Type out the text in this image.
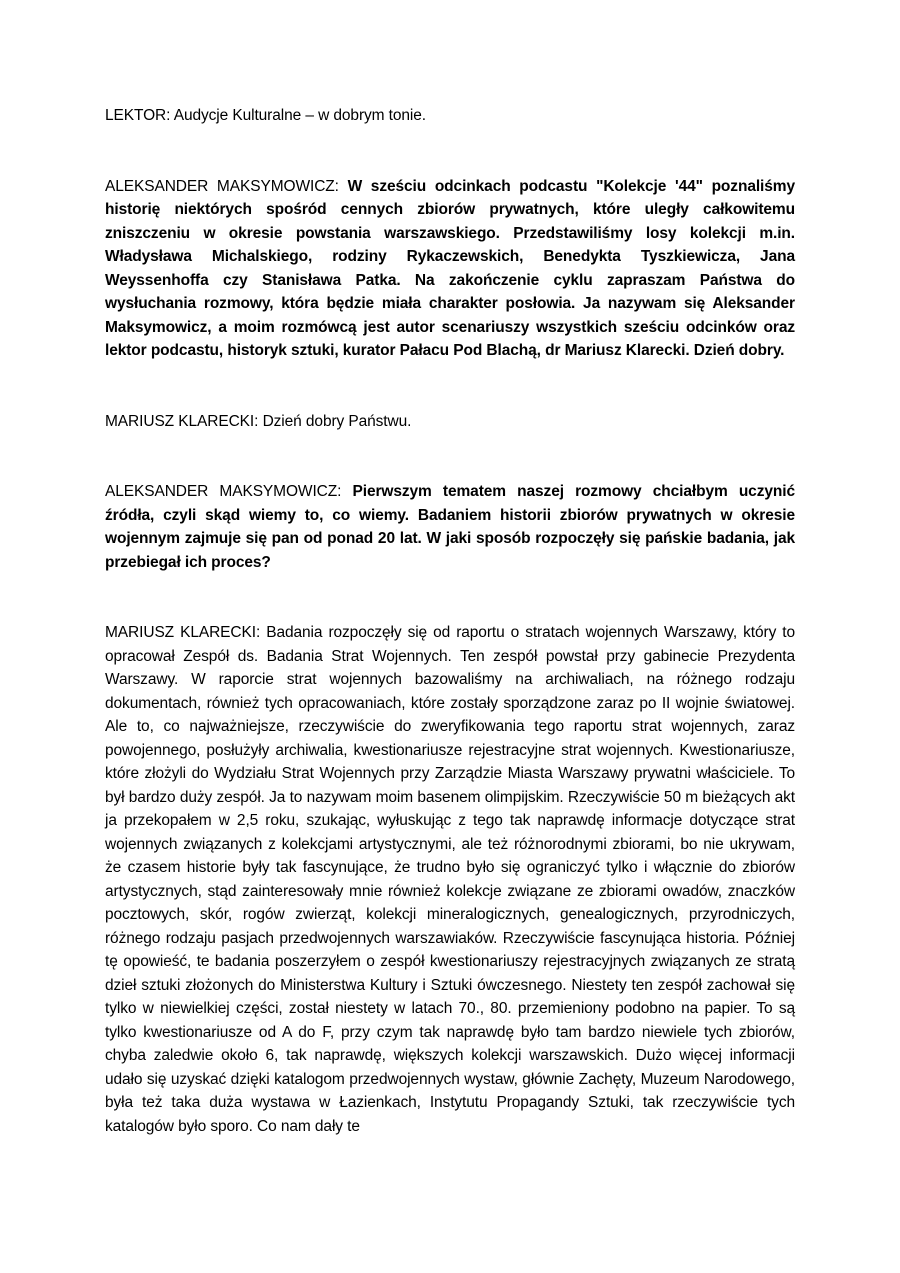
LEKTOR: Audycje Kulturalne – w dobrym tonie.

ALEKSANDER MAKSYMOWICZ: W sześciu odcinkach podcastu "Kolekcje '44" poznaliśmy historię niektórych spośród cennych zbiorów prywatnych, które uległy całkowitemu zniszczeniu w okresie powstania warszawskiego. Przedstawiliśmy losy kolekcji m.in. Władysława Michalskiego, rodziny Rykaczewskich, Benedykta Tyszkiewicza, Jana Weyssenhoffa czy Stanisława Patka. Na zakończenie cyklu zapraszam Państwa do wysłuchania rozmowy, która będzie miała charakter posłowia. Ja nazywam się Aleksander Maksymowicz, a moim rozmówcą jest autor scenariuszy wszystkich sześciu odcinków oraz lektor podcastu, historyk sztuki, kurator Pałacu Pod Blachą, dr Mariusz Klarecki. Dzień dobry.

MARIUSZ KLARECKI: Dzień dobry Państwu.

ALEKSANDER MAKSYMOWICZ: Pierwszym tematem naszej rozmowy chciałbym uczynić źródła, czyli skąd wiemy to, co wiemy. Badaniem historii zbiorów prywatnych w okresie wojennym zajmuje się pan od ponad 20 lat. W jaki sposób rozpoczęły się pańskie badania, jak przebiegał ich proces?

MARIUSZ KLARECKI: Badania rozpoczęły się od raportu o stratach wojennych Warszawy, który to opracował Zespół ds. Badania Strat Wojennych. Ten zespół powstał przy gabinecie Prezydenta Warszawy. W raporcie strat wojennych bazowaliśmy na archiwaliach, na różnego rodzaju dokumentach, również tych opracowaniach, które zostały sporządzone zaraz po II wojnie światowej. Ale to, co najważniejsze, rzeczywiście do zweryfikowania tego raportu strat wojennych, zaraz powojennego, posłużyły archiwalia, kwestionariusze rejestracyjne strat wojennych. Kwestionariusze, które złożyli do Wydziału Strat Wojennych przy Zarządzie Miasta Warszawy prywatni właściciele. To był bardzo duży zespół. Ja to nazywam moim basenem olimpijskim. Rzeczywiście 50 m bieżących akt ja przekopałem w 2,5 roku, szukając, wyłuskując z tego tak naprawdę informacje dotyczące strat wojennych związanych z kolekcjami artystycznymi, ale też różnorodnymi zbiorami, bo nie ukrywam, że czasem historie były tak fascynujące, że trudno było się ograniczyć tylko i włącznie do zbiorów artystycznych, stąd zainteresowały mnie również kolekcje związane ze zbiorami owadów, znaczków pocztowych, skór, rogów zwierząt, kolekcji mineralogicznych, genealogicznych, przyrodniczych, różnego rodzaju pasjach przedwojennych warszawiaków. Rzeczywiście fascynująca historia. Później tę opowieść, te badania poszerzyłem o zespół kwestionariuszy rejestracyjnych związanych ze stratą dzieł sztuki złożonych do Ministerstwa Kultury i Sztuki ówczesnego. Niestety ten zespół zachował się tylko w niewielkiej części, został niestety w latach 70., 80. przemieniony podobno na papier. To są tylko kwestionariusze od A do F, przy czym tak naprawdę było tam bardzo niewiele tych zbiorów, chyba zaledwie około 6, tak naprawdę, większych kolekcji warszawskich. Dużo więcej informacji udało się uzyskać dzięki katalogom przedwojennych wystaw, głównie Zachęty, Muzeum Narodowego, była też taka duża wystawa w Łazienkach, Instytutu Propagandy Sztuki, tak rzeczywiście tych katalogów było sporo. Co nam dały te
